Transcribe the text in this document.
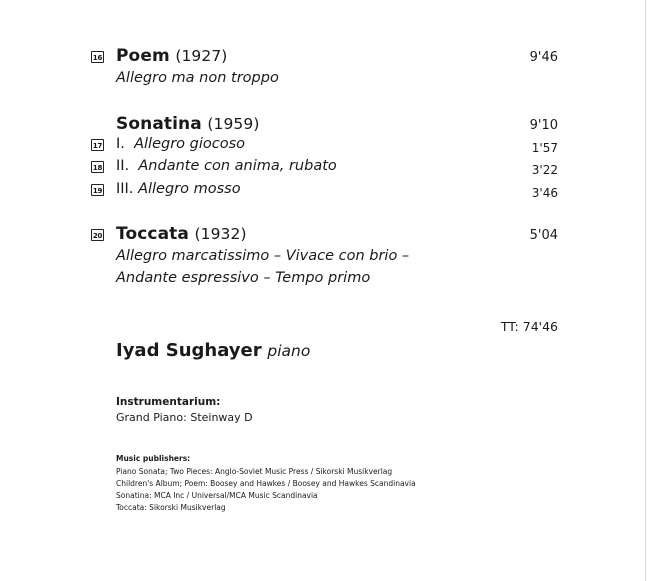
16 Poem (1927)	9'46
Allegro ma non troppo
Sonatina (1959)	9'10
17 I. Allegro giocoso	1'57
18 II. Andante con anima, rubato	3'22
19 III. Allegro mosso	3'46
20 Toccata (1932)	5'04
Allegro marcatissimo – Vivace con brio –
Andante espressivo – Tempo primo
TT: 74'46
Iyad Sughayer piano
Instrumentarium:
Grand Piano: Steinway D
Music publishers:
Piano Sonata; Two Pieces: Anglo-Soviet Music Press / Sikorski Musikverlag
Children's Album; Poem: Boosey and Hawkes / Boosey and Hawkes Scandinavia
Sonatina: MCA Inc / Universal/MCA Music Scandinavia
Toccata: Sikorski Musikverlag
